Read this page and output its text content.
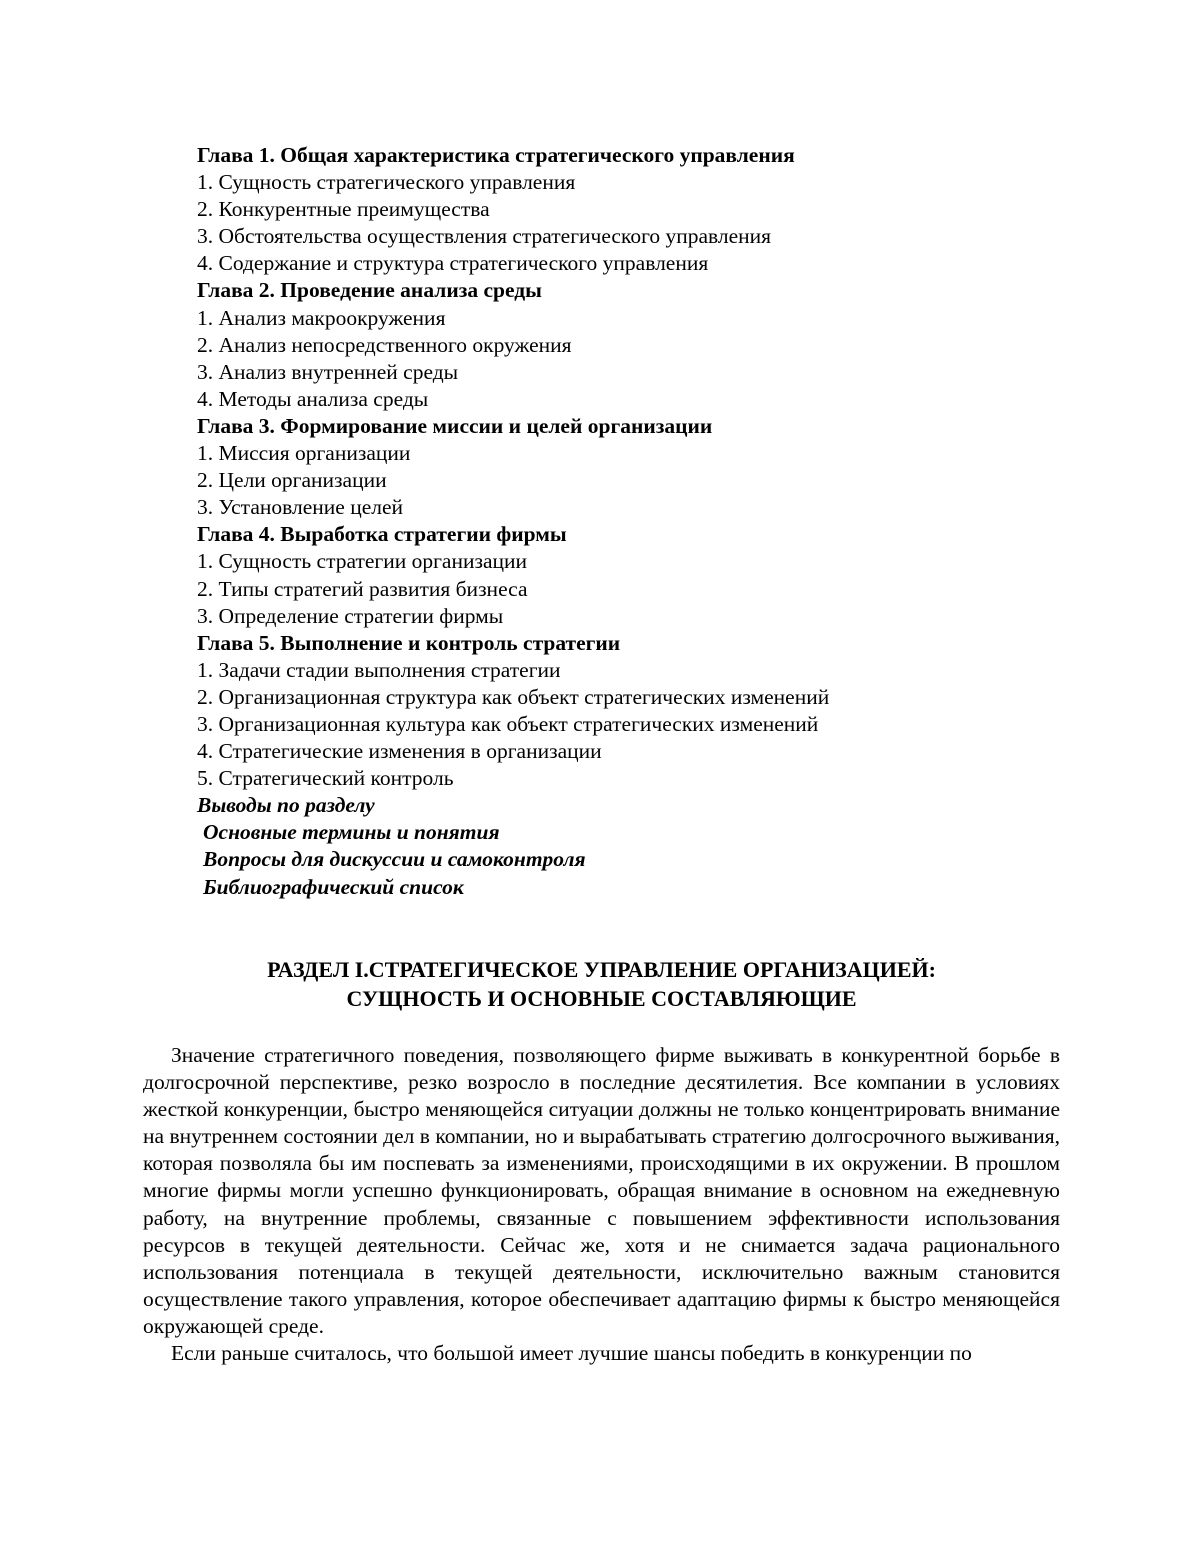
Глава 1. Общая характеристика стратегического управления
1. Сущность стратегического управления
2. Конкурентные преимущества
3. Обстоятельства осуществления стратегического управления
4. Содержание и структура стратегического управления
Глава 2. Проведение анализа среды
1. Анализ макроокружения
2. Анализ непосредственного окружения
3. Анализ внутренней среды
4. Методы анализа среды
Глава 3. Формирование миссии и целей организации
1. Миссия организации
2. Цели организации
3. Установление целей
Глава 4. Выработка стратегии фирмы
1. Сущность стратегии организации
2. Типы стратегий развития бизнеса
3. Определение стратегии фирмы
Глава 5. Выполнение и контроль стратегии
1. Задачи стадии выполнения стратегии
2. Организационная структура как объект стратегических изменений
3. Организационная культура как объект стратегических изменений
4. Стратегические изменения в организации
5. Стратегический контроль
Выводы по разделу
Основные термины и понятия
Вопросы для дискуссии и самоконтроля
Библиографический список
РАЗДЕЛ I.СТРАТЕГИЧЕСКОЕ УПРАВЛЕНИЕ ОРГАНИЗАЦИЕЙ:
СУЩНОСТЬ И ОСНОВНЫЕ СОСТАВЛЯЮЩИЕ

Значение стратегичного поведения, позволяющего фирме выживать в конкурентной борьбе в долгосрочной перспективе, резко возросло в последние десятилетия. Все компании в условиях жесткой конкуренции, быстро меняющейся ситуации должны не только концентрировать внимание на внутреннем состоянии дел в компании, но и вырабатывать стратегию долгосрочного выживания, которая позволяла бы им поспевать за изменениями, происходящими в их окружении. В прошлом многие фирмы могли успешно функционировать, обращая внимание в основном на ежедневную работу, на внутренние проблемы, связанные с повышением эффективности использования ресурсов в текущей деятельности. Сейчас же, хотя и не снимается задача рационального использования потенциала в текущей деятельности, исключительно важным становится осуществление такого управления, которое обеспечивает адаптацию фирмы к быстро меняющейся окружающей среде.

Если раньше считалось, что большой имеет лучшие шансы победить в конкуренции по
